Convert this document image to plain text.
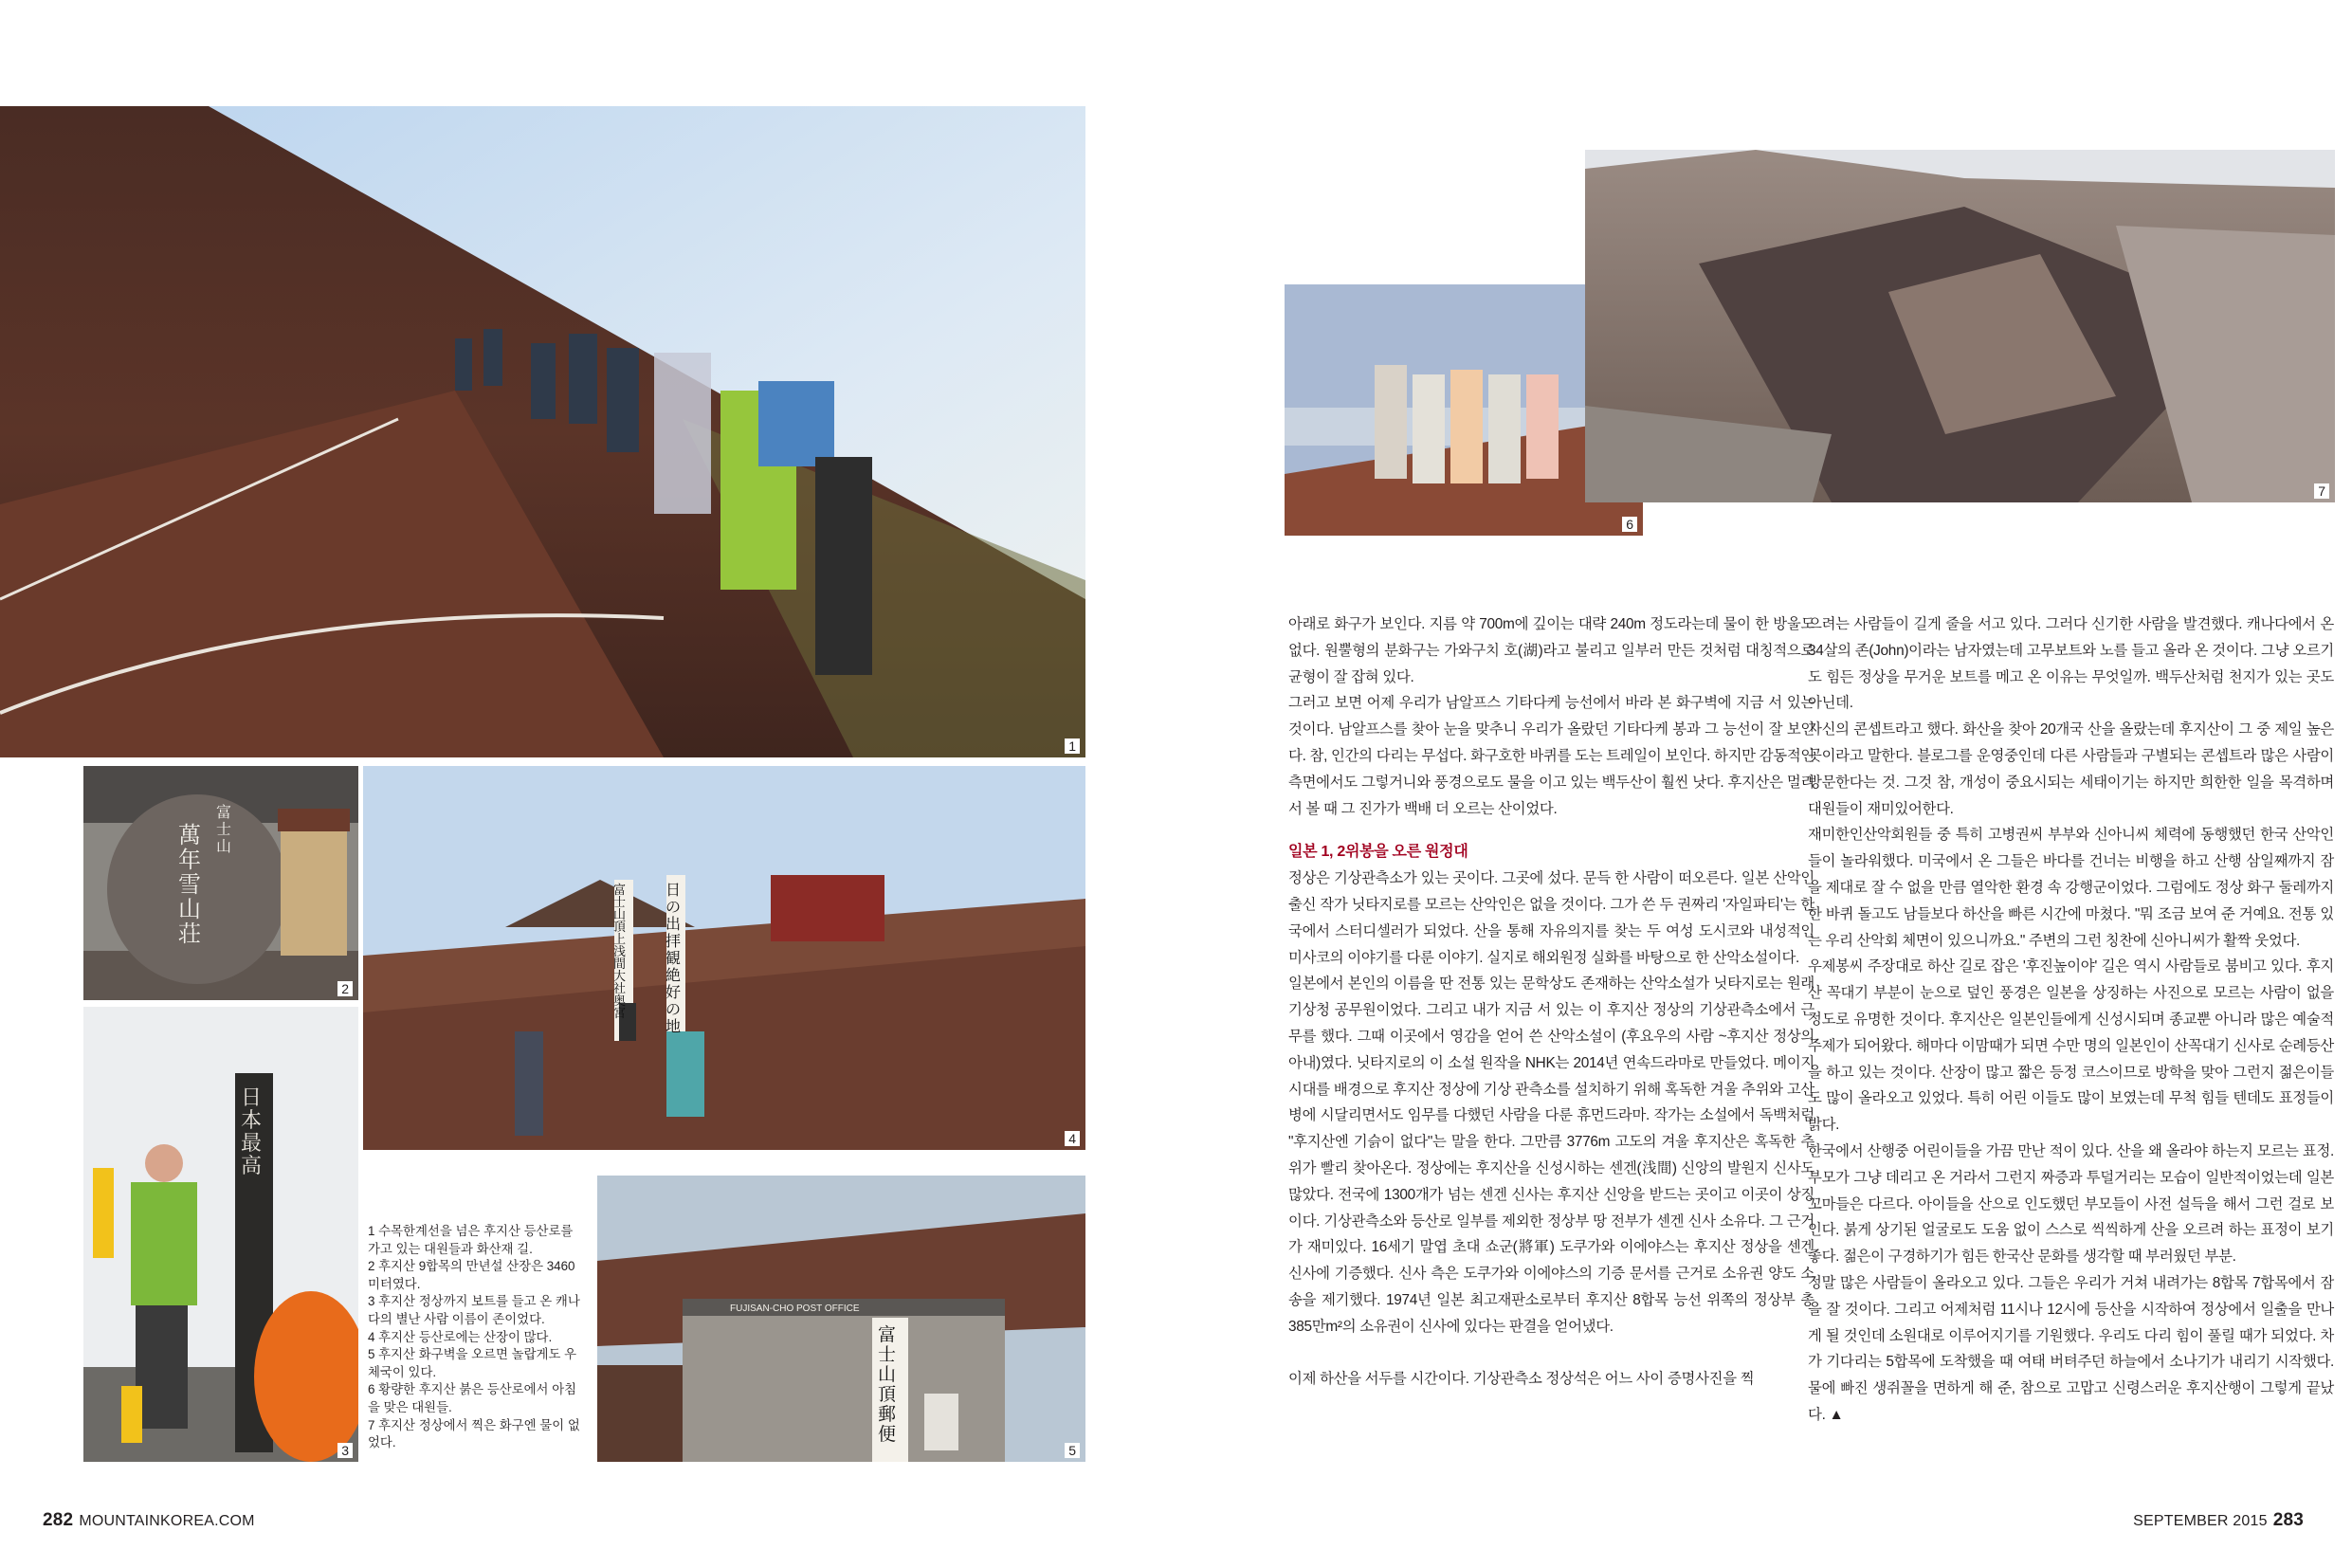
1
萬年雪山荘
富士山
2
富士山頂上浅間大社奥宮
日の出拝観絶好の地
4
日本最高
3
FUJISAN-CHO POST OFFICE
富士山頂郵便
5

1 수목한계선을 넘은 후지산 등산로를 가고 있는 대원들과 화산재 길.

2 후지산 9합목의 만년설 산장은 3460미터였다.

3 후지산 정상까지 보트를 들고 온 캐나다의 별난 사람 이름이 존이었다.

4 후지산 등산로에는 산장이 많다.

5 후지산 화구벽을 오르면 놀랍게도 우체국이 있다.

6 황량한 후지산 붉은 등산로에서 아침을 맞은 대원들.

7 후지산 정상에서 찍은 화구엔 물이 없었다.

6
7

아래로 화구가 보인다. 지름 약 700m에 깊이는 대략 240m 정도라는데 물이 한 방울도 없다. 원뿔형의 분화구는 가와구치 호(湖)라고 불리고 일부러 만든 것처럼 대칭적으로 균형이 잘 잡혀 있다.

그러고 보면 어제 우리가 남알프스 기타다케 능선에서 바라 본 화구벽에 지금 서 있는 것이다. 남알프스를 찾아 눈을 맞추니 우리가 올랐던 기타다케 봉과 그 능선이 잘 보인다. 참, 인간의 다리는 무섭다. 화구호한 바퀴를 도는 트레일이 보인다. 하지만 감동적인 측면에서도 그렇거니와 풍경으로도 물을 이고 있는 백두산이 훨씬 낫다. 후지산은 멀리서 볼 때 그 진가가 백배 더 오르는 산이었다.

일본 1, 2위봉을 오른 원정대

정상은 기상관측소가 있는 곳이다. 그곳에 섰다. 문득 한 사람이 떠오른다. 일본 산악인 출신 작가 닛타지로를 모르는 산악인은 없을 것이다. 그가 쓴 두 권짜리 '자일파티'는 한국에서 스터디셀러가 되었다. 산을 통해 자유의지를 찾는 두 여성 도시코와 내성적인 미사코의 이야기를 다룬 이야기. 실지로 해외원정 실화를 바탕으로 한 산악소설이다.

일본에서 본인의 이름을 딴 전통 있는 문학상도 존재하는 산악소설가 닛타지로는 원래 기상청 공무원이었다. 그리고 내가 지금 서 있는 이 후지산 정상의 기상관측소에서 근무를 했다. 그때 이곳에서 영감을 얻어 쓴 산악소설이 (후요우의 사람 ~후지산 정상의 아내)였다. 닛타지로의 이 소설 원작을 NHK는 2014년 연속드라마로 만들었다. 메이지 시대를 배경으로 후지산 정상에 기상 관측소를 설치하기 위해 혹독한 겨울 추위와 고산병에 시달리면서도 임무를 다했던 사람을 다룬 휴먼드라마. 작가는 소설에서 독백처럼 "후지산엔 기슭이 없다"는 말을 한다. 그만큼 3776m 고도의 겨울 후지산은 혹독한 추위가 빨리 찾아온다. 정상에는 후지산을 신성시하는 센겐(浅間) 신앙의 발원지 신사도 많았다. 전국에 1300개가 넘는 센겐 신사는 후지산 신앙을 받드는 곳이고 이곳이 상징이다. 기상관측소와 등산로 일부를 제외한 정상부 땅 전부가 센겐 신사 소유다. 그 근거가 재미있다. 16세기 말엽 초대 쇼군(將軍) 도쿠가와 이에야스는 후지산 정상을 센겐 신사에 기증했다. 신사 측은 도쿠가와 이에야스의 기증 문서를 근거로 소유권 양도 소송을 제기했다. 1974년 일본 최고재판소로부터 후지산 8합목 능선 위쪽의 정상부 총 385만m²의 소유권이 신사에 있다는 판결을 얻어냈다.

이제 하산을 서두를 시간이다. 기상관측소 정상석은 어느 사이 증명사진을 찍

으려는 사람들이 길게 줄을 서고 있다. 그러다 신기한 사람을 발견했다. 캐나다에서 온 34살의 존(John)이라는 남자였는데 고무보트와 노를 들고 올라 온 것이다. 그냥 오르기도 힘든 정상을 무거운 보트를 메고 온 이유는 무엇일까. 백두산처럼 천지가 있는 곳도 아닌데.

자신의 콘셉트라고 했다. 화산을 찾아 20개국 산을 올랐는데 후지산이 그 중 제일 높은 곳이라고 말한다. 블로그를 운영중인데 다른 사람들과 구별되는 콘셉트라 많은 사람이 방문한다는 것. 그것 참, 개성이 중요시되는 세태이기는 하지만 희한한 일을 목격하며 대원들이 재미있어한다.

재미한인산악회원들 중 특히 고병권씨 부부와 신아니씨 체력에 동행했던 한국 산악인들이 놀라워했다. 미국에서 온 그들은 바다를 건너는 비행을 하고 산행 삼일째까지 잠을 제대로 잘 수 없을 만큼 열악한 환경 속 강행군이었다. 그럼에도 정상 화구 둘레까지 한 바퀴 돌고도 남들보다 하산을 빠른 시간에 마쳤다. "뭐 조금 보여 준 거예요. 전통 있는 우리 산악회 체면이 있으니까요." 주변의 그런 칭찬에 신아니씨가 활짝 웃었다.

우제봉씨 주장대로 하산 길로 잡은 '후진높이야' 길은 역시 사람들로 붐비고 있다. 후지산 꼭대기 부분이 눈으로 덮인 풍경은 일본을 상징하는 사진으로 모르는 사람이 없을 정도로 유명한 것이다. 후지산은 일본인들에게 신성시되며 종교뿐 아니라 많은 예술적 주제가 되어왔다. 해마다 이맘때가 되면 수만 명의 일본인이 산꼭대기 신사로 순례등산을 하고 있는 것이다. 산장이 많고 짧은 등정 코스이므로 방학을 맞아 그런지 젊은이들도 많이 올라오고 있었다. 특히 어린 이들도 많이 보였는데 무척 힘들 텐데도 표정들이 밝다.

한국에서 산행중 어린이들을 가끔 만난 적이 있다. 산을 왜 올라야 하는지 모르는 표정. 부모가 그냥 데리고 온 거라서 그런지 짜증과 투덜거리는 모습이 일반적이었는데 일본 꼬마들은 다르다. 아이들을 산으로 인도했던 부모들이 사전 설득을 해서 그런 걸로 보인다. 붉게 상기된 얼굴로도 도움 없이 스스로 씩씩하게 산을 오르려 하는 표정이 보기 좋다. 젊은이 구경하기가 힘든 한국산 문화를 생각할 때 부러웠던 부분.

정말 많은 사람들이 올라오고 있다. 그들은 우리가 거쳐 내려가는 8합목 7합목에서 잠을 잘 것이다. 그리고 어제처럼 11시나 12시에 등산을 시작하여 정상에서 일출을 만나게 될 것인데 소원대로 이루어지기를 기원했다. 우리도 다리 힘이 풀릴 때가 되었다. 차가 기다리는 5합목에 도착했을 때 여태 버텨주던 하늘에서 소나기가 내리기 시작했다. 물에 빠진 생쥐꼴을 면하게 해 준, 참으로 고맙고 신령스러운 후지산행이 그렇게 끝났다. ▲

282 MOUNTAINKOREA.COM	SEPTEMBER 2015 283
